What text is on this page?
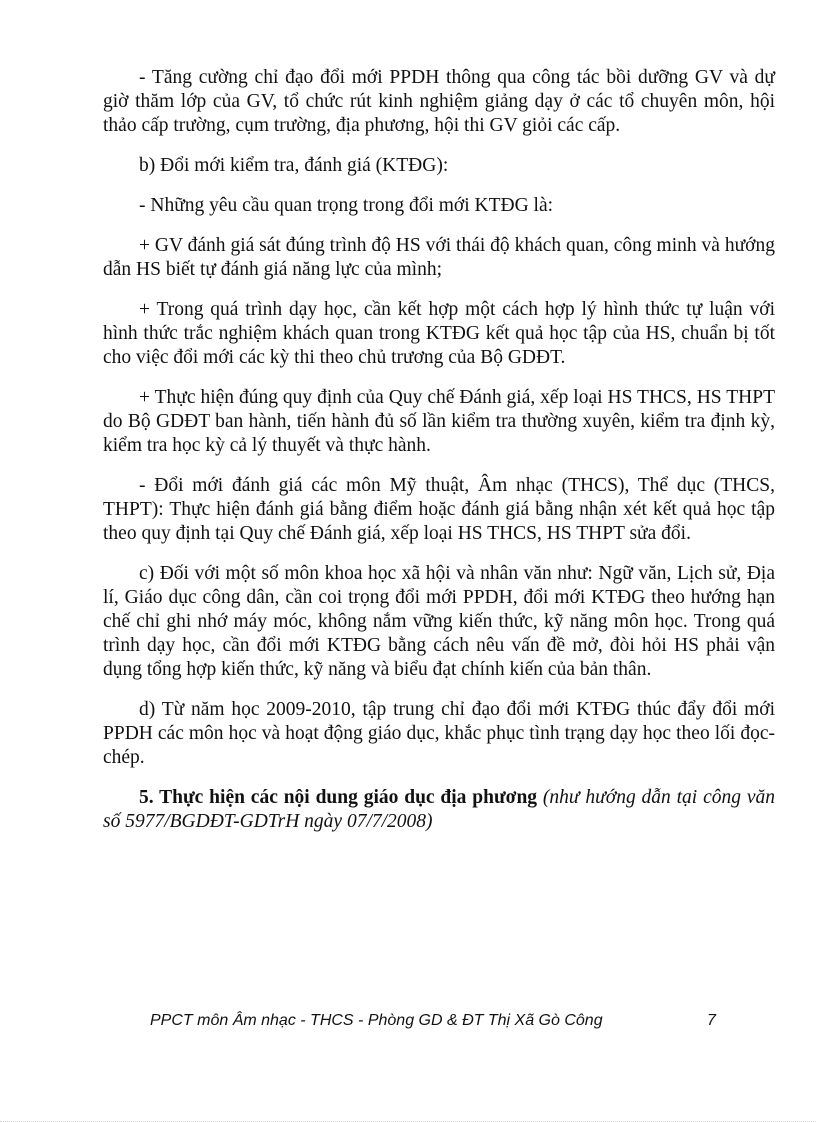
- Tăng cường chỉ đạo đổi mới PPDH thông qua công tác bồi dưỡng GV và dự giờ thăm lớp của GV, tổ chức rút kinh nghiệm giảng dạy ở các tổ chuyên môn, hội thảo cấp trường, cụm trường, địa phương, hội thi GV giỏi các cấp.

b) Đổi mới kiểm tra, đánh giá (KTĐG):

- Những yêu cầu quan trọng trong đổi mới KTĐG là:

+ GV đánh giá sát đúng trình độ HS với thái độ khách quan, công minh và hướng dẫn HS biết tự đánh giá năng lực của mình;

+ Trong quá trình dạy học, cần kết hợp một cách hợp lý hình thức tự luận với hình thức trắc nghiệm khách quan trong KTĐG kết quả học tập của HS, chuẩn bị tốt cho việc đổi mới các kỳ thi theo chủ trương của Bộ GDĐT.

+ Thực hiện đúng quy định của Quy chế Đánh giá, xếp loại HS THCS, HS THPT do Bộ GDĐT ban hành, tiến hành đủ số lần kiểm tra thường xuyên, kiểm tra định kỳ, kiểm tra học kỳ cả lý thuyết và thực hành.

- Đổi mới đánh giá các môn Mỹ thuật, Âm nhạc (THCS), Thể dục (THCS, THPT): Thực hiện đánh giá bằng điểm hoặc đánh giá bằng nhận xét kết quả học tập theo quy định tại Quy chế Đánh giá, xếp loại HS THCS, HS THPT sửa đổi.

c) Đối với một số môn khoa học xã hội và nhân văn như: Ngữ văn, Lịch sử, Địa lí, Giáo dục công dân, cần coi trọng đổi mới PPDH, đổi mới KTĐG theo hướng hạn chế chỉ ghi nhớ máy móc, không nắm vững kiến thức, kỹ năng môn học. Trong quá trình dạy học, cần đổi mới KTĐG bằng cách nêu vấn đề mở, đòi hỏi HS phải vận dụng tổng hợp kiến thức, kỹ năng và biểu đạt chính kiến của bản thân.

d) Từ năm học 2009-2010, tập trung chỉ đạo đổi mới KTĐG thúc đẩy đổi mới PPDH các môn học và hoạt động giáo dục, khắc phục tình trạng dạy học theo lối đọc-chép.

5. Thực hiện các nội dung giáo dục địa phương (như hướng dẫn tại công văn số 5977/BGDĐT-GDTrH ngày 07/7/2008)

PPCT môn Âm nhạc - THCS - Phòng GD & ĐT Thị Xã Gò Công	7
